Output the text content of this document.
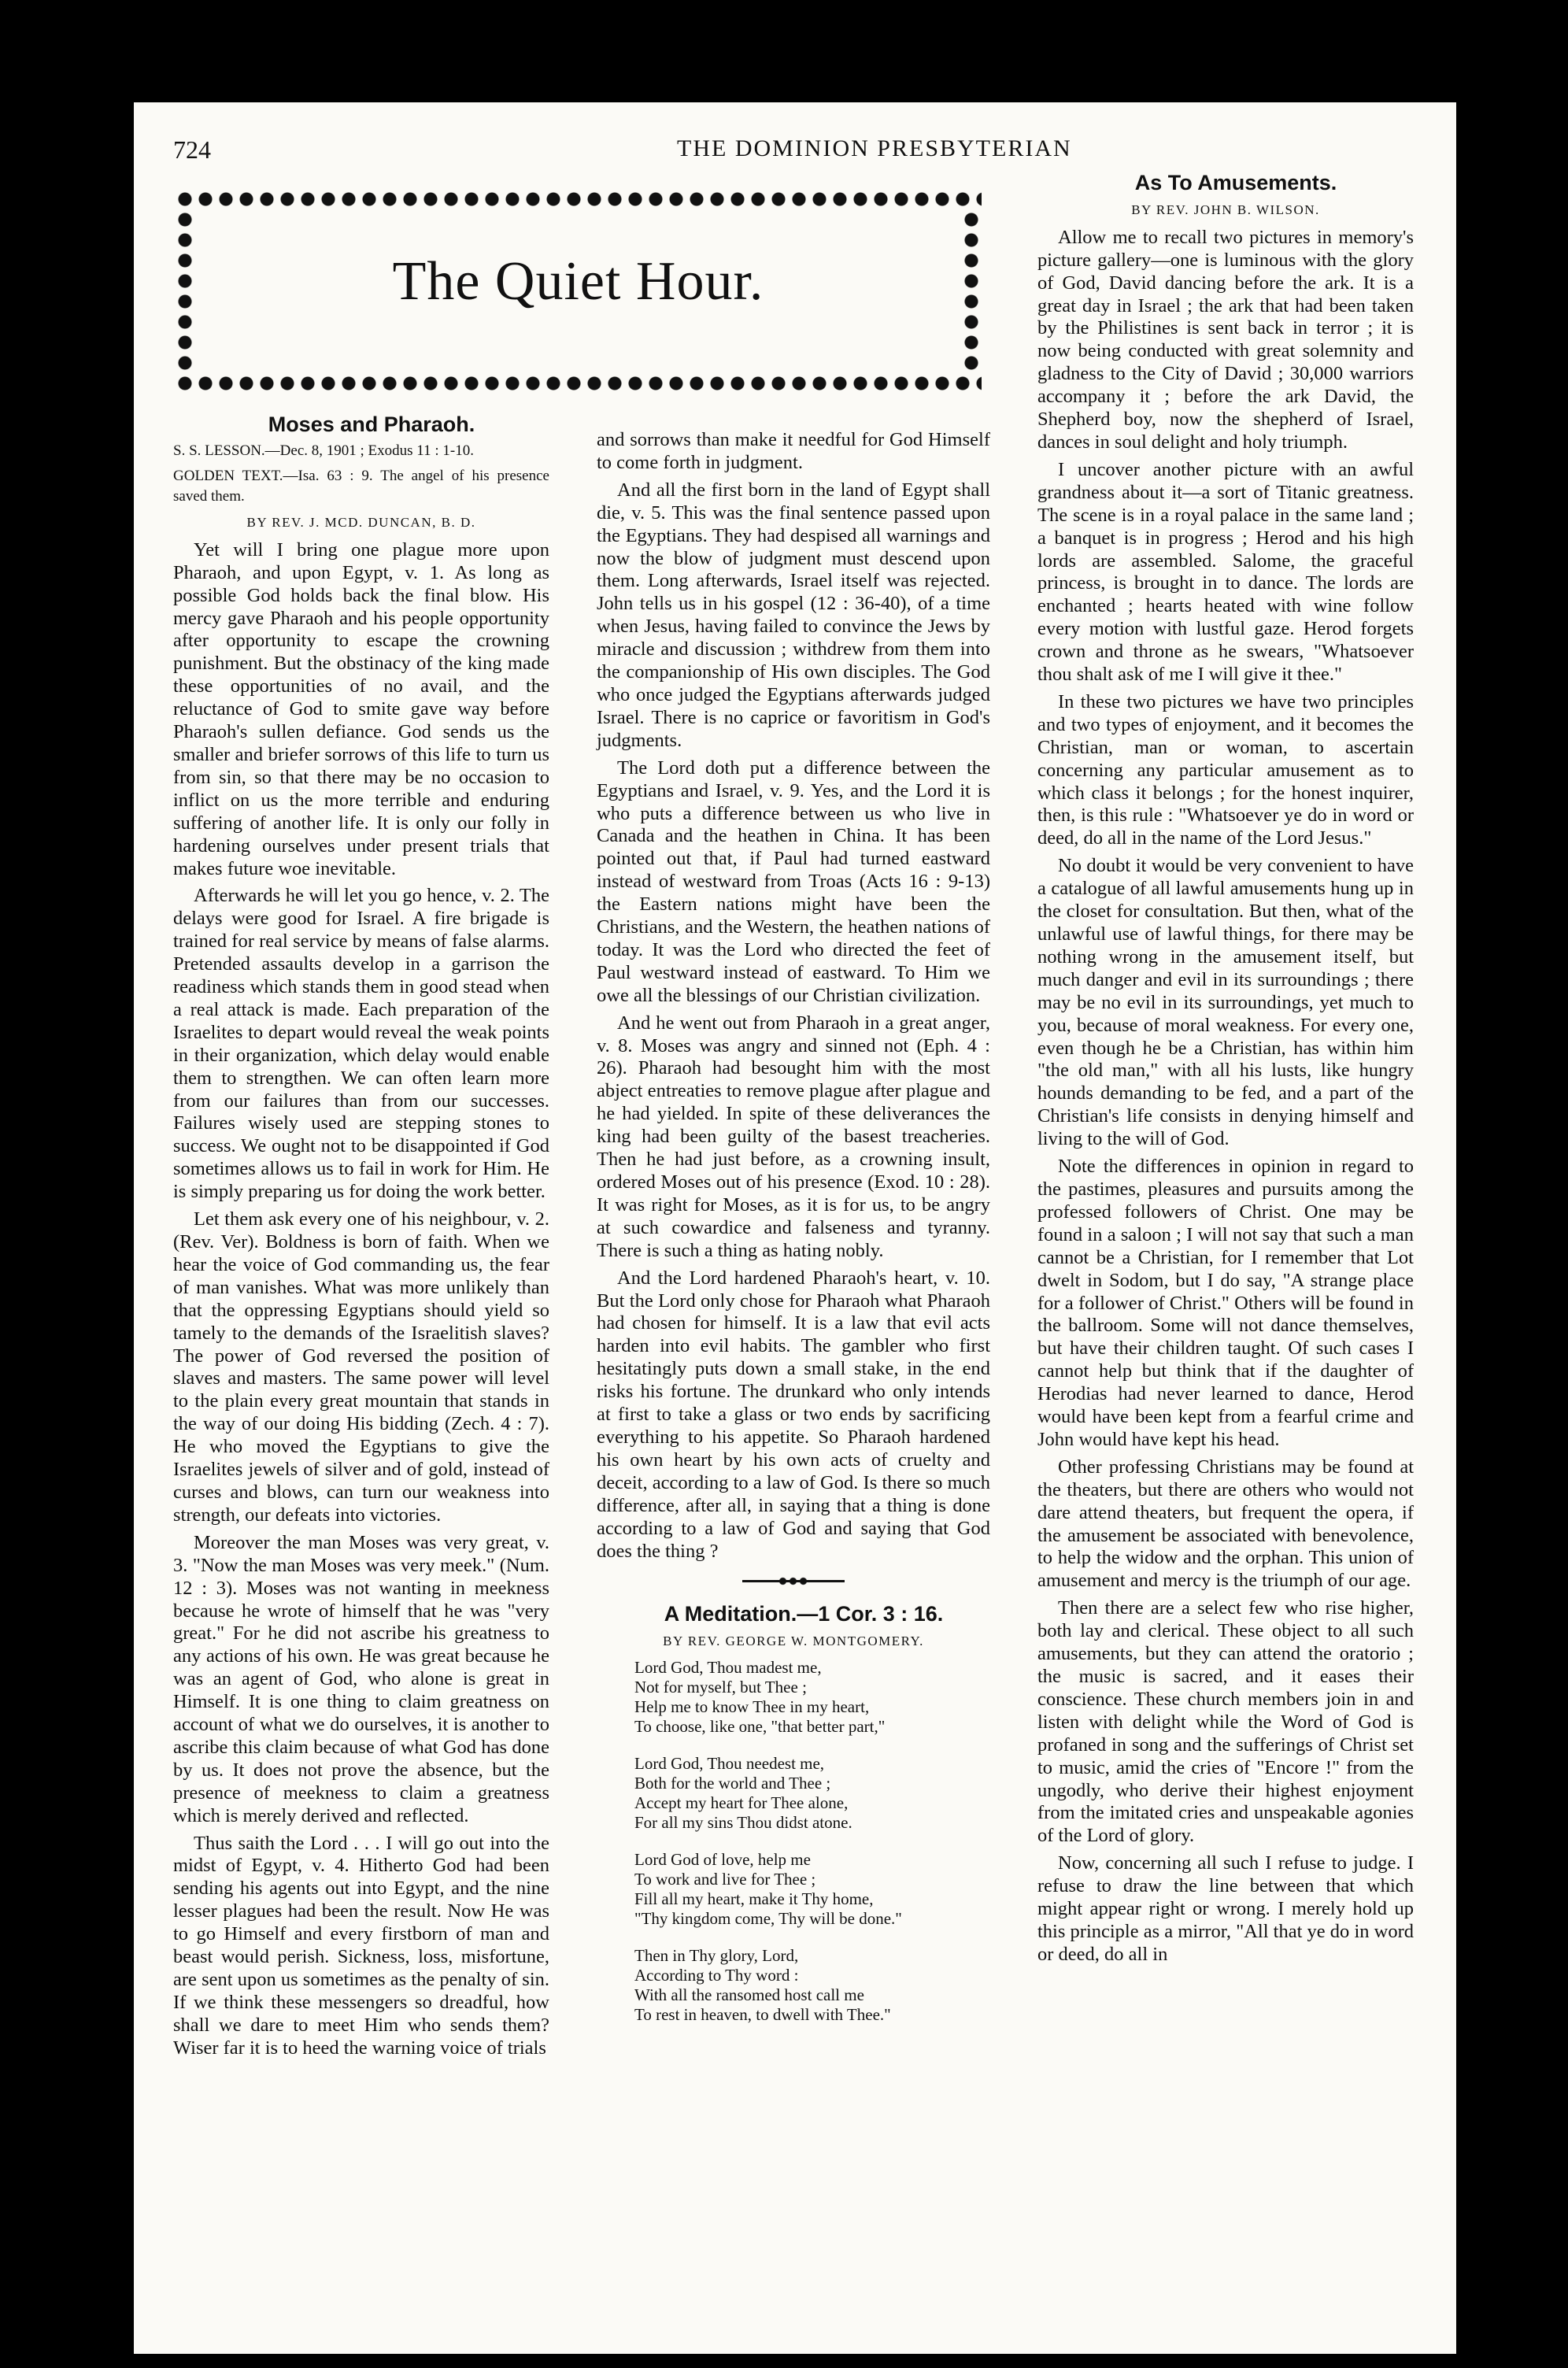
724	THE DOMINION PRESBYTERIAN
The Quiet Hour.

Moses and Pharaoh.

S. S. LESSON.—Dec. 8, 1901 ; Exodus 11 : 1-10.

GOLDEN TEXT.—Isa. 63 : 9. The angel of his presence saved them.

BY REV. J. MCD. DUNCAN, B. D.

Yet will I bring one plague more upon Pharaoh, and upon Egypt, v. 1. As long as possible God holds back the final blow. His mercy gave Pharaoh and his people opportunity after opportunity to escape the crowning punishment. But the obstinacy of the king made these opportunities of no avail, and the reluctance of God to smite gave way before Pharaoh's sullen defiance. God sends us the smaller and briefer sorrows of this life to turn us from sin, so that there may be no occasion to inflict on us the more terrible and enduring suffering of another life. It is only our folly in hardening ourselves under present trials that makes future woe inevitable.

Afterwards he will let you go hence, v. 2. The delays were good for Israel. A fire brigade is trained for real service by means of false alarms. Pretended assaults develop in a garrison the readiness which stands them in good stead when a real attack is made. Each preparation of the Israelites to depart would reveal the weak points in their organization, which delay would enable them to strengthen. We can often learn more from our failures than from our successes. Failures wisely used are stepping stones to success. We ought not to be disappointed if God sometimes allows us to fail in work for Him. He is simply preparing us for doing the work better.

Let them ask every one of his neighbour, v. 2. (Rev. Ver). Boldness is born of faith. When we hear the voice of God commanding us, the fear of man vanishes. What was more unlikely than that the oppressing Egyptians should yield so tamely to the demands of the Israelitish slaves? The power of God reversed the position of slaves and masters. The same power will level to the plain every great mountain that stands in the way of our doing His bidding (Zech. 4 : 7). He who moved the Egyptians to give the Israelites jewels of silver and of gold, instead of curses and blows, can turn our weakness into strength, our defeats into victories.

Moreover the man Moses was very great, v. 3. "Now the man Moses was very meek." (Num. 12 : 3). Moses was not wanting in meekness because he wrote of himself that he was "very great." For he did not ascribe his greatness to any actions of his own. He was great because he was an agent of God, who alone is great in Himself. It is one thing to claim greatness on account of what we do ourselves, it is another to ascribe this claim because of what God has done by us. It does not prove the absence, but the presence of meekness to claim a greatness which is merely derived and reflected.

Thus saith the Lord . . . I will go out into the midst of Egypt, v. 4. Hitherto God had been sending his agents out into Egypt, and the nine lesser plagues had been the result. Now He was to go Himself and every firstborn of man and beast would perish. Sickness, loss, misfortune, are sent upon us sometimes as the penalty of sin. If we think these messengers so dreadful, how shall we dare to meet Him who sends them? Wiser far it is to heed the warning voice of trials

and sorrows than make it needful for God Himself to come forth in judgment.

And all the first born in the land of Egypt shall die, v. 5. This was the final sentence passed upon the Egyptians. They had despised all warnings and now the blow of judgment must descend upon them. Long afterwards, Israel itself was rejected. John tells us in his gospel (12 : 36-40), of a time when Jesus, having failed to convince the Jews by miracle and discussion ; withdrew from them into the companionship of His own disciples. The God who once judged the Egyptians afterwards judged Israel. There is no caprice or favoritism in God's judgments.

The Lord doth put a difference between the Egyptians and Israel, v. 9. Yes, and the Lord it is who puts a difference between us who live in Canada and the heathen in China. It has been pointed out that, if Paul had turned eastward instead of westward from Troas (Acts 16 : 9-13) the Eastern nations might have been the Christians, and the Western, the heathen nations of today. It was the Lord who directed the feet of Paul westward instead of eastward. To Him we owe all the blessings of our Christian civilization.

And he went out from Pharaoh in a great anger, v. 8. Moses was angry and sinned not (Eph. 4 : 26). Pharaoh had besought him with the most abject entreaties to remove plague after plague and he had yielded. In spite of these deliverances the king had been guilty of the basest treacheries. Then he had just before, as a crowning insult, ordered Moses out of his presence (Exod. 10 : 28). It was right for Moses, as it is for us, to be angry at such cowardice and falseness and tyranny. There is such a thing as hating nobly.

And the Lord hardened Pharaoh's heart, v. 10. But the Lord only chose for Pharaoh what Pharaoh had chosen for himself. It is a law that evil acts harden into evil habits. The gambler who first hesitatingly puts down a small stake, in the end risks his fortune. The drunkard who only intends at first to take a glass or two ends by sacrificing everything to his appetite. So Pharaoh hardened his own heart by his own acts of cruelty and deceit, according to a law of God. Is there so much difference, after all, in saying that a thing is done according to a law of God and saying that God does the thing ?

A Meditation.—1 Cor. 3 : 16.

BY REV. GEORGE W. MONTGOMERY.

Lord God, Thou madest me,
Not for myself, but Thee ;
Help me to know Thee in my heart,
To choose, like one, "that better part,"
Lord God, Thou needest me,
Both for the world and Thee ;
Accept my heart for Thee alone,
For all my sins Thou didst atone.
Lord God of love, help me
To work and live for Thee ;
Fill all my heart, make it Thy home,
"Thy kingdom come, Thy will be done."
Then in Thy glory, Lord,
According to Thy word :
With all the ransomed host call me
To rest in heaven, to dwell with Thee."

As To Amusements.

BY REV. JOHN B. WILSON.

Allow me to recall two pictures in memory's picture gallery—one is luminous with the glory of God, David dancing before the ark. It is a great day in Israel ; the ark that had been taken by the Philistines is sent back in terror ; it is now being conducted with great solemnity and gladness to the City of David ; 30,000 warriors accompany it ; before the ark David, the Shepherd boy, now the shepherd of Israel, dances in soul delight and holy triumph.

I uncover another picture with an awful grandness about it—a sort of Titanic greatness. The scene is in a royal palace in the same land ; a banquet is in progress ; Herod and his high lords are assembled. Salome, the graceful princess, is brought in to dance. The lords are enchanted ; hearts heated with wine follow every motion with lustful gaze. Herod forgets crown and throne as he swears, "Whatsoever thou shalt ask of me I will give it thee."

In these two pictures we have two principles and two types of enjoyment, and it becomes the Christian, man or woman, to ascertain concerning any particular amusement as to which class it belongs ; for the honest inquirer, then, is this rule : "Whatsoever ye do in word or deed, do all in the name of the Lord Jesus."

No doubt it would be very convenient to have a catalogue of all lawful amusements hung up in the closet for consultation. But then, what of the unlawful use of lawful things, for there may be nothing wrong in the amusement itself, but much danger and evil in its surroundings ; there may be no evil in its surroundings, yet much to you, because of moral weakness. For every one, even though he be a Christian, has within him "the old man," with all his lusts, like hungry hounds demanding to be fed, and a part of the Christian's life consists in denying himself and living to the will of God.

Note the differences in opinion in regard to the pastimes, pleasures and pursuits among the professed followers of Christ. One may be found in a saloon ; I will not say that such a man cannot be a Christian, for I remember that Lot dwelt in Sodom, but I do say, "A strange place for a follower of Christ." Others will be found in the ballroom. Some will not dance themselves, but have their children taught. Of such cases I cannot help but think that if the daughter of Herodias had never learned to dance, Herod would have been kept from a fearful crime and John would have kept his head.

Other professing Christians may be found at the theaters, but there are others who would not dare attend theaters, but frequent the opera, if the amusement be associated with benevolence, to help the widow and the orphan. This union of amusement and mercy is the triumph of our age.

Then there are a select few who rise higher, both lay and clerical. These object to all such amusements, but they can attend the oratorio ; the music is sacred, and it eases their conscience. These church members join in and listen with delight while the Word of God is profaned in song and the sufferings of Christ set to music, amid the cries of "Encore !" from the ungodly, who derive their highest enjoyment from the imitated cries and unspeakable agonies of the Lord of glory.

Now, concerning all such I refuse to judge. I refuse to draw the line between that which might appear right or wrong. I merely hold up this principle as a mirror, "All that ye do in word or deed, do all in
